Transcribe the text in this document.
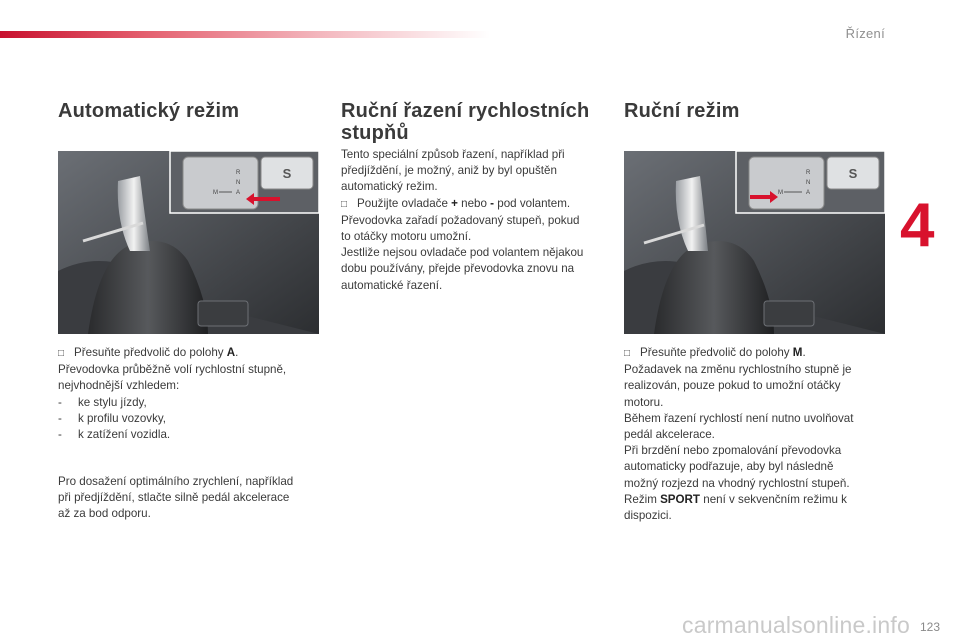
Řízení
4
Automatický režim
S
R
N
A
M
□ Přesuňte předvolič do polohy A.
Převodovka průběžně volí rychlostní stupně,
nejvhodnější vzhledem:
-     ke stylu jízdy,
-     k profilu vozovky,
-     k zatížení vozidla.
Pro dosažení optimálního zrychlení, například
při předjíždění, stlačte silně pedál akcelerace
až za bod odporu.
Ruční řazení rychlostních
stupňů
Tento speciální způsob řazení, například při
předjíždění, je možný, aniž by byl opuštěn
automatický režim.
□ Použijte ovladače + nebo - pod volantem.
Převodovka zařadí požadovaný stupeň, pokud
to otáčky motoru umožní.
Jestliže nejsou ovladače pod volantem nějakou
dobu používány, přejde převodovka znovu na
automatické řazení.
Ruční režim
S
R
N
A
M
□ Přesuňte předvolič do polohy M.
Požadavek na změnu rychlostního stupně je
realizován, pouze pokud to umožní otáčky
motoru.
Během řazení rychlostí není nutno uvolňovat
pedál akcelerace.
Při brzdění nebo zpomalování převodovka
automaticky podřazuje, aby byl následně
možný rozjezd na vhodný rychlostní stupeň.
Režim SPORT není v sekvenčním režimu k
dispozici.
123
carmanualsonline.info
